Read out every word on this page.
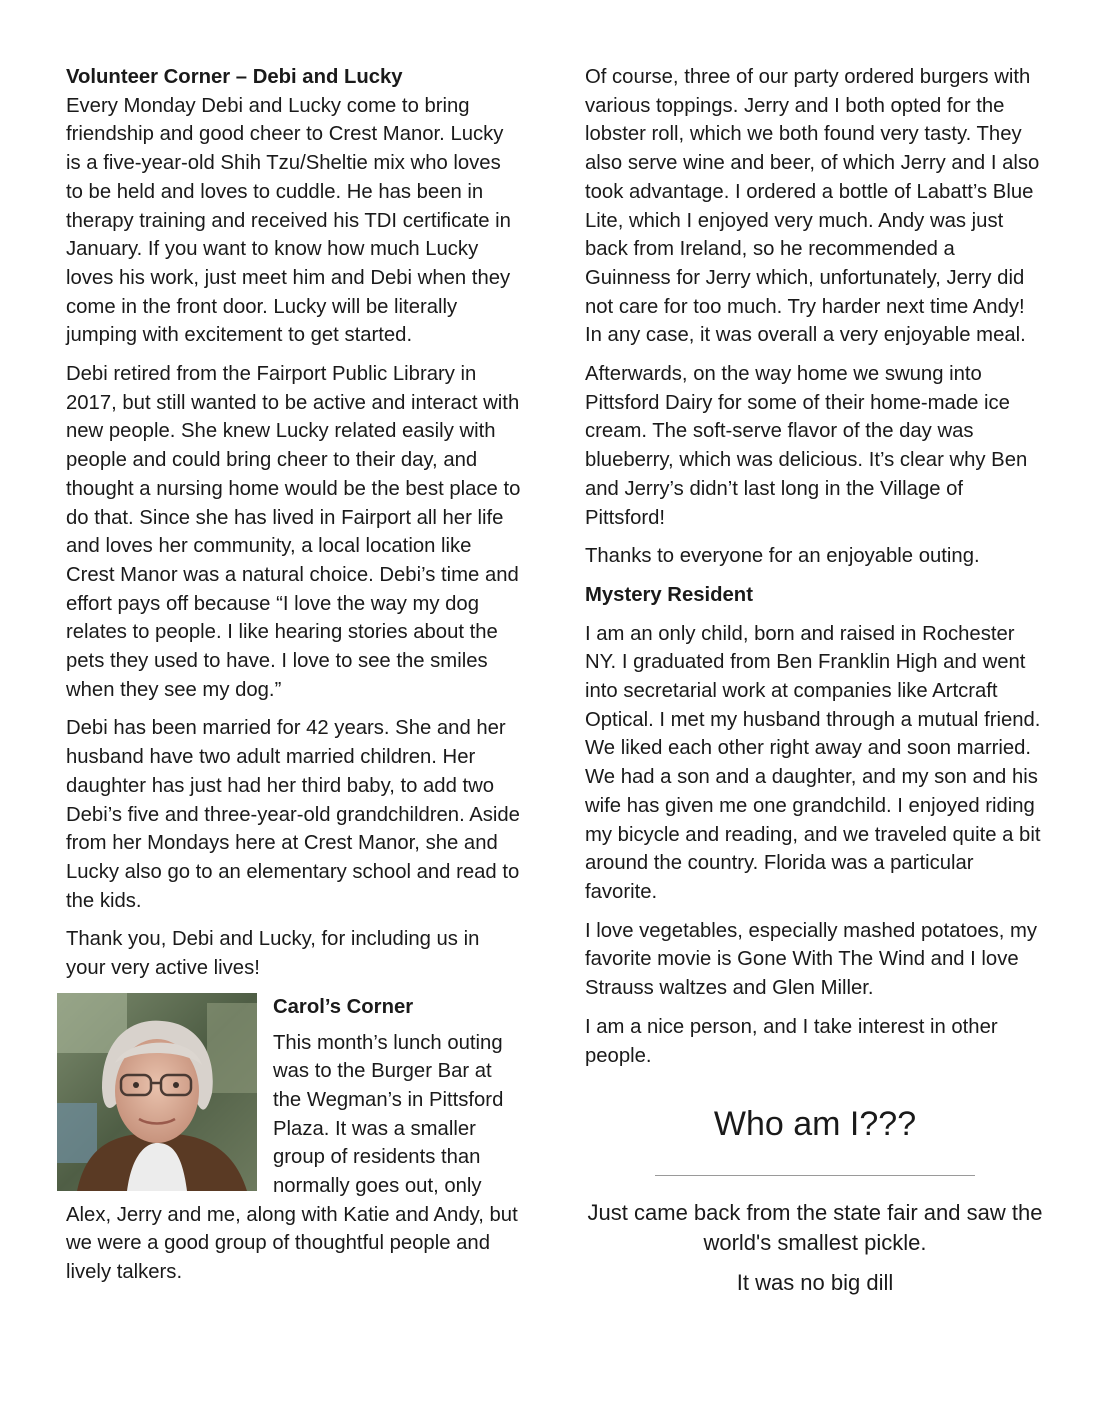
Volunteer Corner – Debi and Lucky

Every Monday Debi and Lucky come to bring friendship and good cheer to Crest Manor. Lucky is a five-year-old Shih Tzu/Sheltie mix who loves to be held and loves to cuddle. He has been in therapy training and received his TDI certificate in January. If you want to know how much Lucky loves his work, just meet him and Debi when they come in the front door. Lucky will be literally jumping with excitement to get started.

Debi retired from the Fairport Public Library in 2017, but still wanted to be active and interact with new people. She knew Lucky related easily with people and could bring cheer to their day, and thought a nursing home would be the best place to do that. Since she has lived in Fairport all her life and loves her community, a local location like Crest Manor was a natural choice. Debi’s time and effort pays off because “I love the way my dog relates to people. I like hearing stories about the pets they used to have. I love to see the smiles when they see my dog.”

Debi has been married for 42 years. She and her husband have two adult married children. Her daughter has just had her third baby, to add two Debi’s five and three-year-old grandchildren. Aside from her Mondays here at Crest Manor, she and Lucky also go to an elementary school and read to the kids.

Thank you, Debi and Lucky, for including us in your very active lives!

Carol’s Corner

This month’s lunch outing was to the Burger Bar at the Wegman’s in Pittsford Plaza. It was a smaller group of residents than normally goes out, only Alex, Jerry and me, along with Katie and Andy, but we were a good group of thoughtful people and lively talkers.

Of course, three of our party ordered burgers with various toppings. Jerry and I both opted for the lobster roll, which we both found very tasty. They also serve wine and beer, of which Jerry and I also took advantage. I ordered a bottle of Labatt’s Blue Lite, which I enjoyed very much. Andy was just back from Ireland, so he recommended a Guinness for Jerry which, unfortunately, Jerry did not care for too much. Try harder next time Andy! In any case, it was overall a very enjoyable meal.

Afterwards, on the way home we swung into Pittsford Dairy for some of their home-made ice cream. The soft-serve flavor of the day was blueberry, which was delicious. It’s clear why Ben and Jerry’s didn’t last long in the Village of Pittsford!

Thanks to everyone for an enjoyable outing.

Mystery Resident

I am an only child, born and raised in Rochester NY. I graduated from Ben Franklin High and went into secretarial work at companies like Artcraft Optical. I met my husband through a mutual friend. We liked each other right away and soon married. We had a son and a daughter, and my son and his wife has given me one grandchild. I enjoyed riding my bicycle and reading, and we traveled quite a bit around the country. Florida was a particular favorite.

I love vegetables, especially mashed potatoes, my favorite movie is Gone With The Wind and I love Strauss waltzes and Glen Miller.

I am a nice person, and I take interest in other people.

Who am I???

Just came back from the state fair and saw the world's smallest pickle.

It was no big dill
